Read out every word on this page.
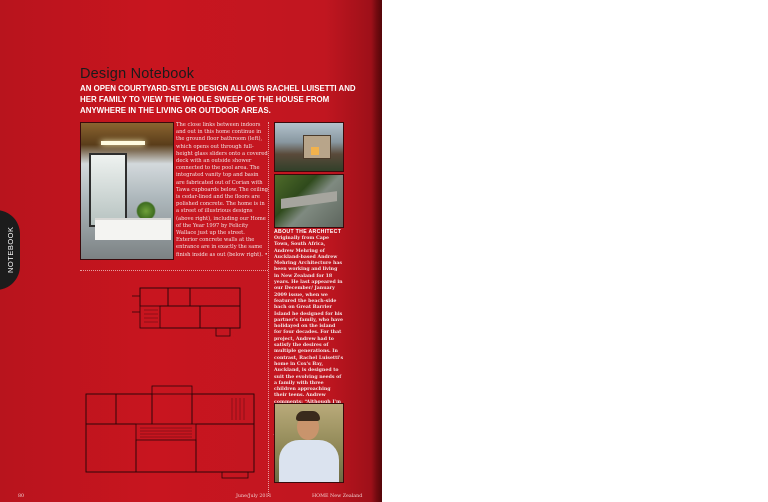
NOTEBOOK
Design Notebook

AN OPEN COURTYARD-STYLE DESIGN ALLOWS RACHEL LUISETTI AND HER FAMILY TO VIEW THE WHOLE SWEEP OF THE HOUSE FROM ANYWHERE IN THE LIVING OR OUTDOOR AREAS.

The close links between indoors and out in this home continue in the ground floor bathroom (left), which opens out through full-height glass sliders onto a covered deck with an outside shower connected to the pool area. The integrated vanity top and basin are fabricated out of Corian with Tawa cupboards below. The ceiling is cedar-lined and the floors are polished concrete. The home is in a street of illustrious designs (above right), including our Home of the Year 1997 by Felicity Wallace just up the street. Exterior concrete walls at the entrance are in exactly the same finish inside as out (below right). •

ABOUT THE ARCHITECT

Originally from Cape Town, South Africa, Andrew Mehring of Auckland-based Andrew Mehring Architecture has been working and living in New Zealand for 18 years. He last appeared in our December/ January 2009 issue, when we featured the beach-side bach on Great Barrier Island he designed for his partner's family, who have holidayed on the island for four decades. For that project, Andrew had to satisfy the desires of multiple generations. In contrast, Rachel Luisetti's home in Cox's Bay, Auckland, is designed to suit the evolving needs of a family with three children approaching their teens. Andrew

80	June/July 2011	HOME New Zealand
